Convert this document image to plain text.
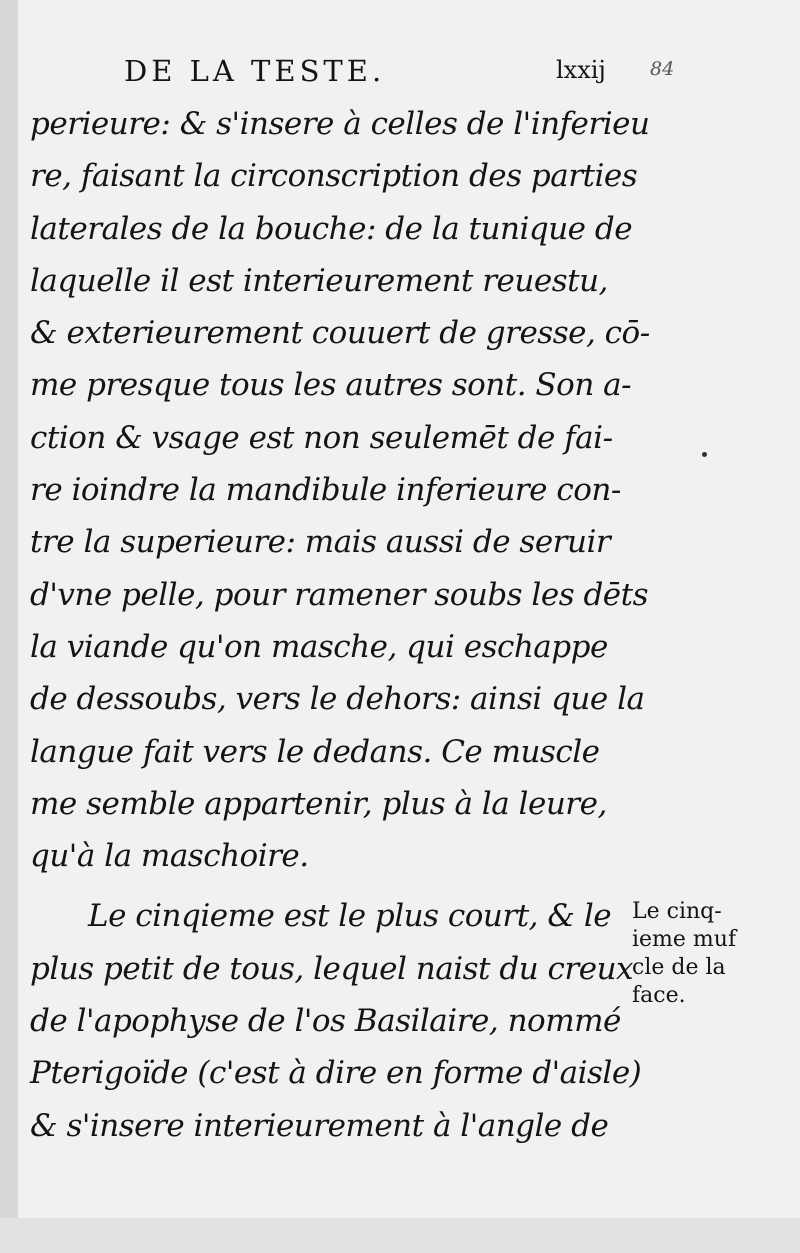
DE LA TESTE.	lxxij 84
perieure: & s'insere à celles de l'inferieu
re, faisant la circonscription des parties
laterales de la bouche: de la tunique de
laquelle il est interieurement reuestu,
& exterieurement couuert de gresse, cō-
me presque tous les autres sont. Son a-
ction & vsage est non seulemēt de fai-
re ioindre la mandibule inferieure con-
tre la superieure: mais aussi de seruir
d'vne pelle, pour ramener soubs les dēts
la viande qu'on masche, qui eschappe
de dessoubs, vers le dehors: ainsi que la
langue fait vers le dedans. Ce muscle
me semble appartenir, plus à la leure,
qu'à la maschoire.
Le cinqieme est le plus court, & le
plus petit de tous, lequel naist du creux
de l'apophyse de l'os Basilaire, nommé
Pterigoïde (c'est à dire en forme d'aisle)
& s'insere interieurement à l'angle de
Le cinq-
ieme muf
cle de la
face.
